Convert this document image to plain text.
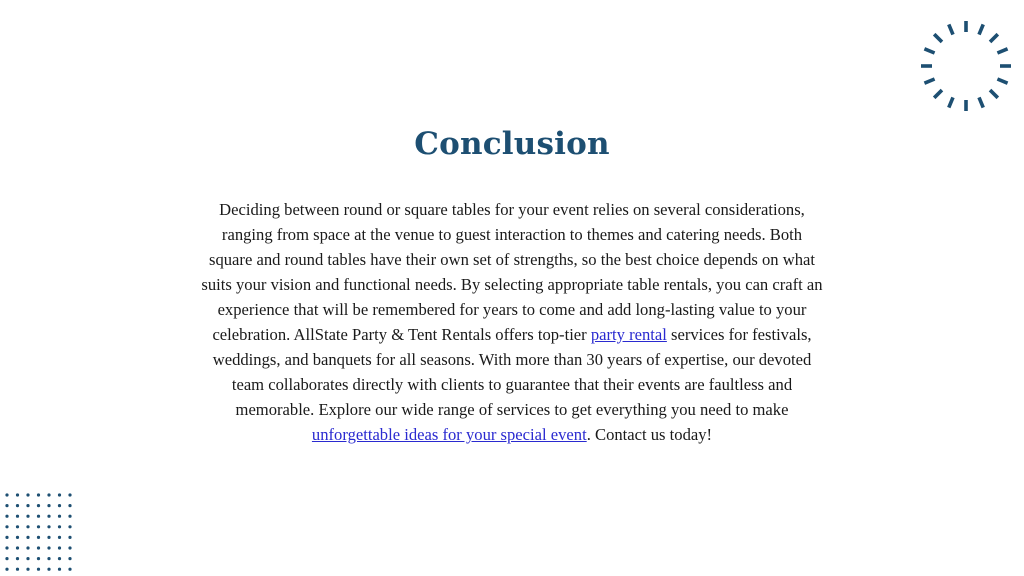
Conclusion

Deciding between round or square tables for your event relies on several considerations, ranging from space at the venue to guest interaction to themes and catering needs. Both square and round tables have their own set of strengths, so the best choice depends on what suits your vision and functional needs. By selecting appropriate table rentals, you can craft an experience that will be remembered for years to come and add long-lasting value to your celebration. AllState Party & Tent Rentals offers top-tier party rental services for festivals, weddings, and banquets for all seasons. With more than 30 years of expertise, our devoted team collaborates directly with clients to guarantee that their events are faultless and memorable. Explore our wide range of services to get everything you need to make unforgettable ideas for your special event. Contact us today!
